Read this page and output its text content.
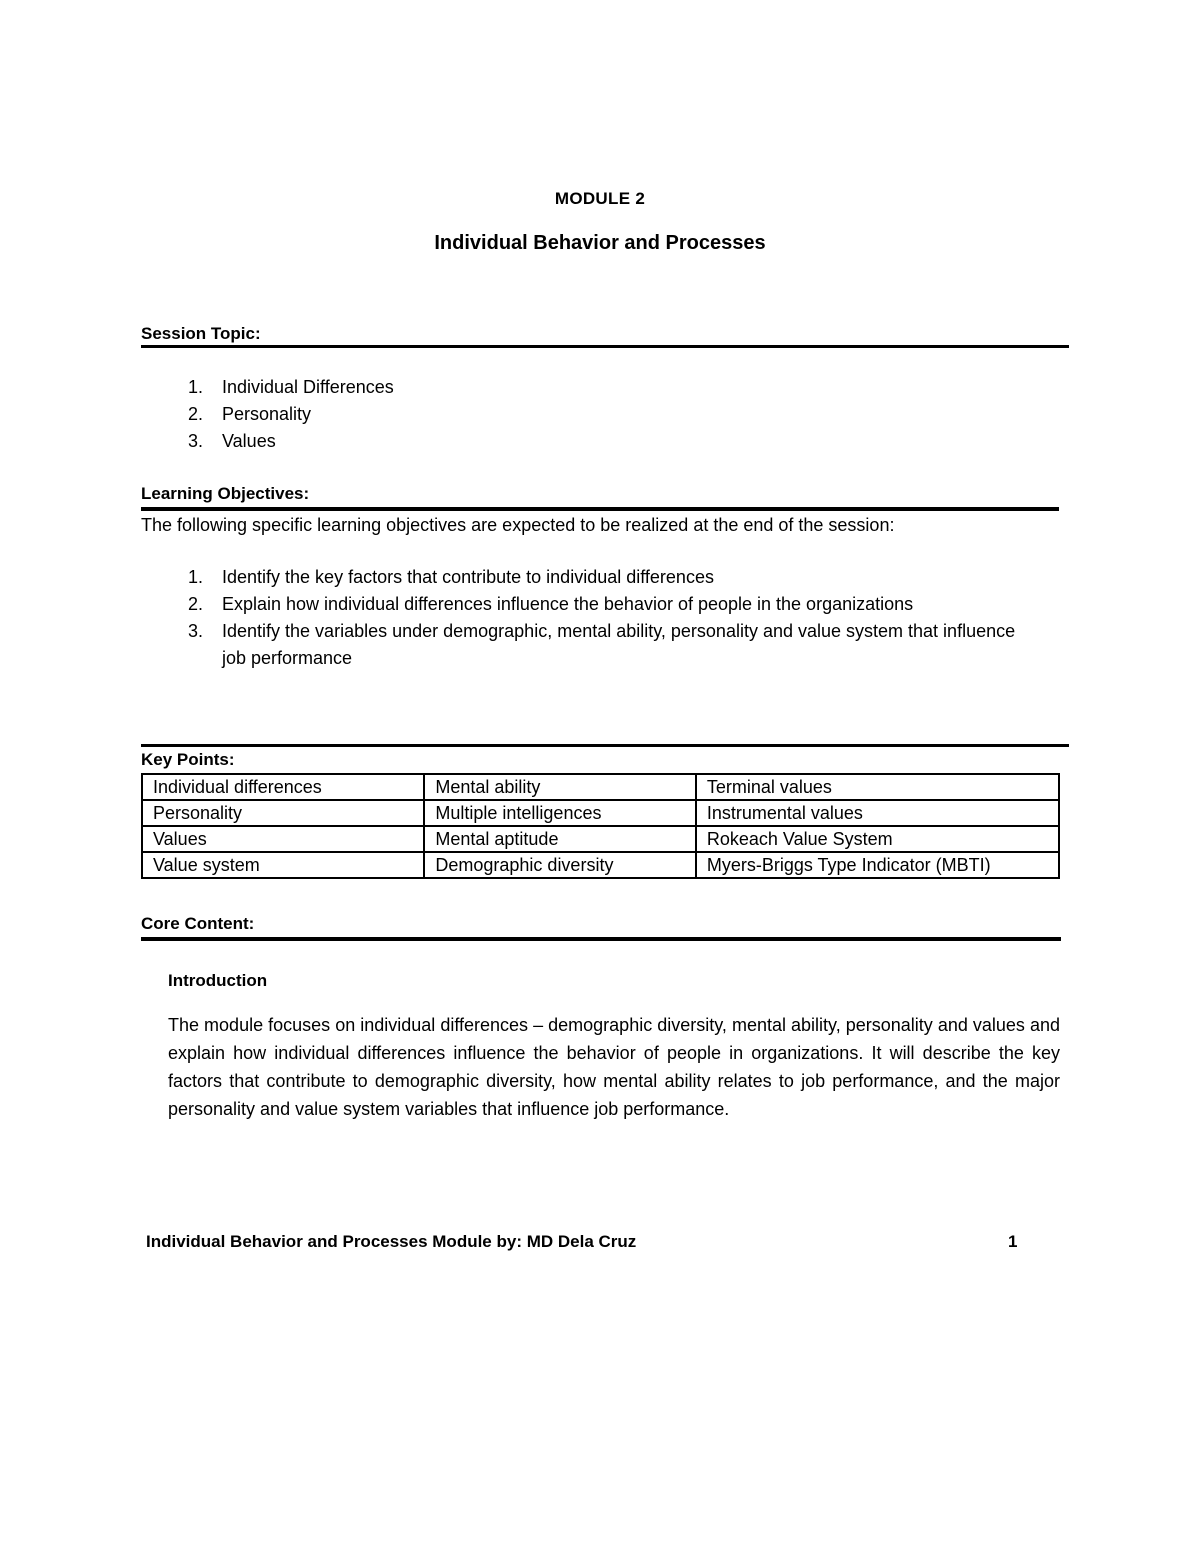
MODULE 2
Individual Behavior and Processes
Session Topic:
1. Individual Differences
2. Personality
3. Values
Learning Objectives:
The following specific learning objectives are expected to be realized at the end of the session:
1. Identify the key factors that contribute to individual differences
2. Explain how individual differences influence the behavior of people in the organizations
3. Identify the variables under demographic, mental ability, personality and value system that influence job performance
Key Points:
Individual differences	Mental ability	Terminal values
Personality	Multiple intelligences	Instrumental values
Values	Mental aptitude	Rokeach Value System
Value system	Demographic diversity	Myers-Briggs Type Indicator (MBTI)
Core Content:
Introduction
The module focuses on individual differences – demographic diversity, mental ability, personality and values and explain how individual differences influence the behavior of people in organizations. It will describe the key factors that contribute to demographic diversity, how mental ability relates to job performance, and the major personality and value system variables that influence job performance.
Individual Behavior and Processes Module by: MD Dela Cruz	1
